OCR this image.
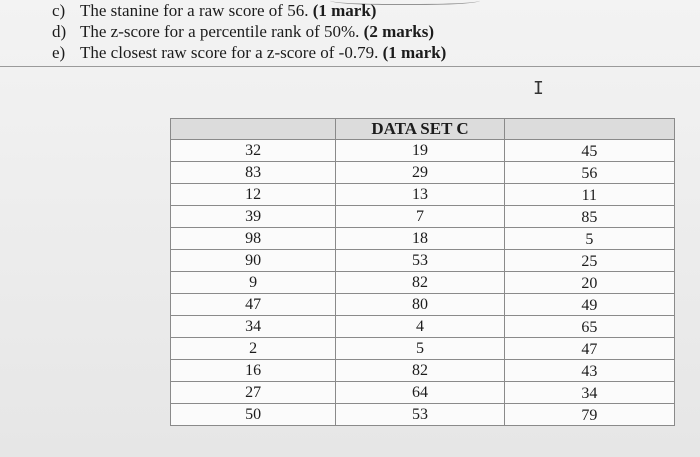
c) The stanine for a raw score of 56. (1 mark)
d) The z-score for a percentile rank of 50%. (2 marks)
e) The closest raw score for a z-score of -0.79. (1 mark)
I
	DATA SET C	
32	19	45
83	29	56
12	13	11
39	7	85
98	18	5
90	53	25
9	82	20
47	80	49
34	4	65
2	5	47
16	82	43
27	64	34
50	53	79
